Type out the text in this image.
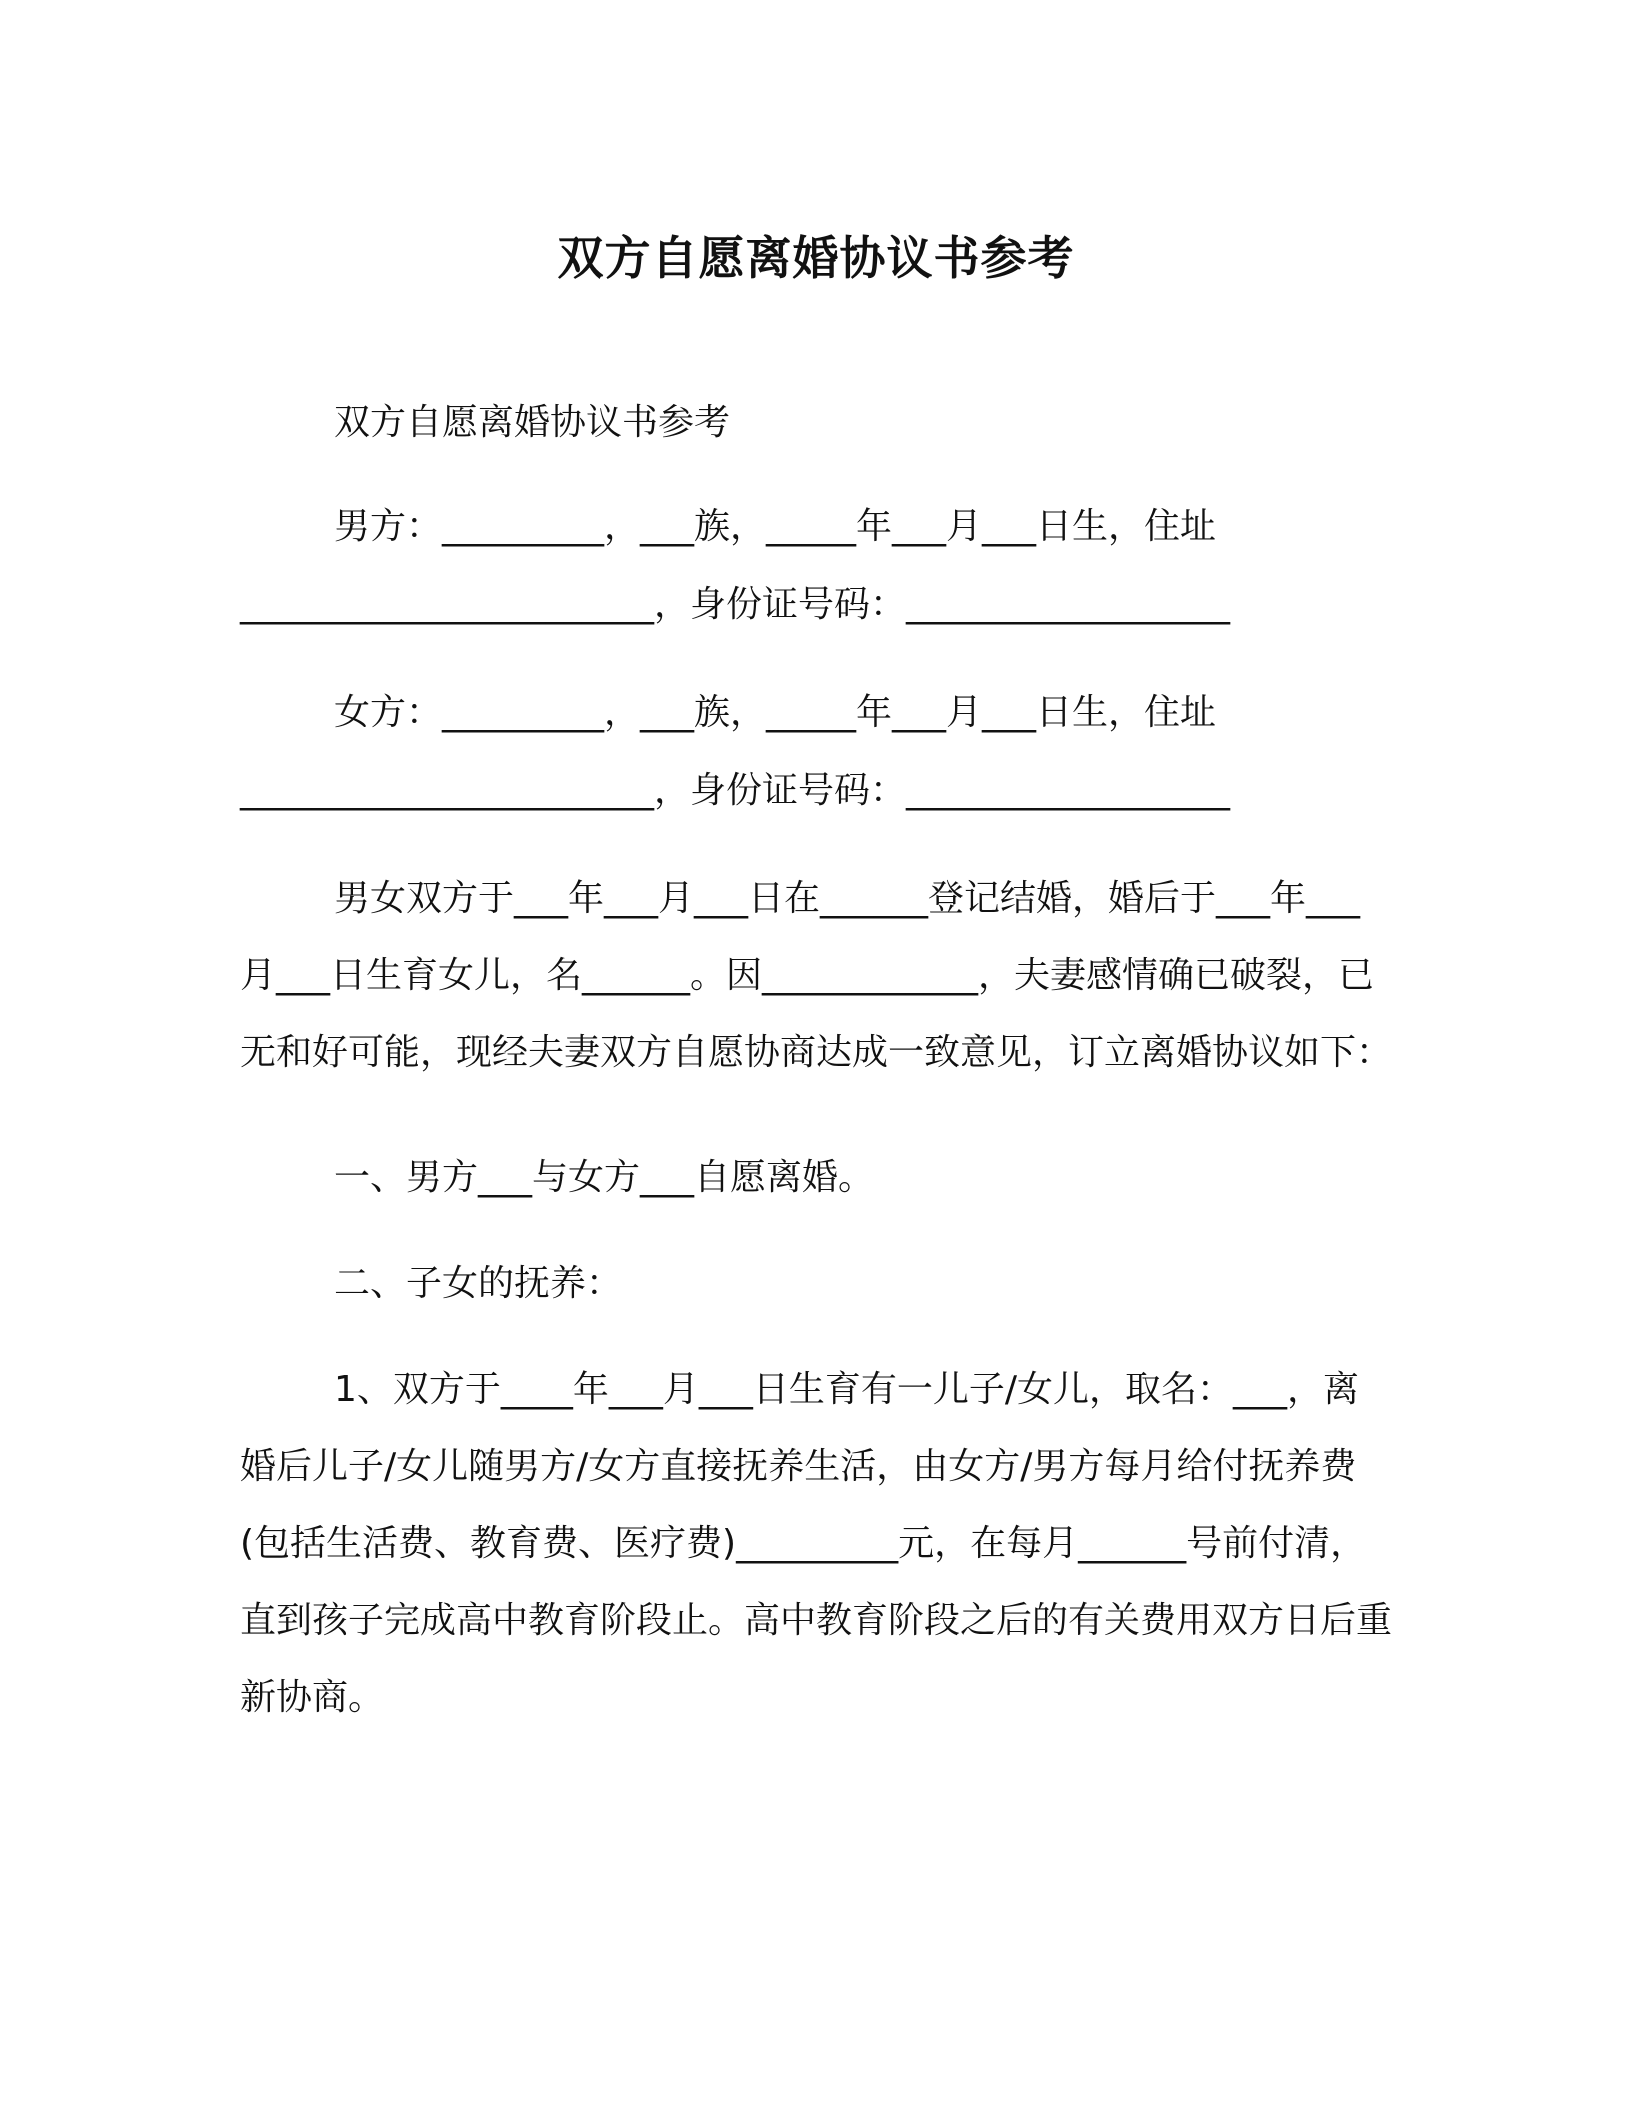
双方自愿离婚协议书参考

双方自愿离婚协议书参考

男方：_________，___族，_____年___月___日生，住址

_______________________，身份证号码：__________________

女方：_________，___族，_____年___月___日生，住址

_______________________，身份证号码：__________________

男女双方于___年___月___日在______登记结婚，婚后于___年___月___日生育女儿，名______。因____________，夫妻感情确已破裂，已无和好可能，现经夫妻双方自愿协商达成一致意见，订立离婚协议如下：

一、男方___与女方___自愿离婚。

二、子女的抚养：

1、双方于____年___月___日生育有一儿子/女儿，取名：___，离婚后儿子/女儿随男方/女方直接抚养生活，由女方/男方每月给付抚养费(包括生活费、教育费、医疗费)_________元，在每月______号前付清，直到孩子完成高中教育阶段止。高中教育阶段之后的有关费用双方日后重新协商。
